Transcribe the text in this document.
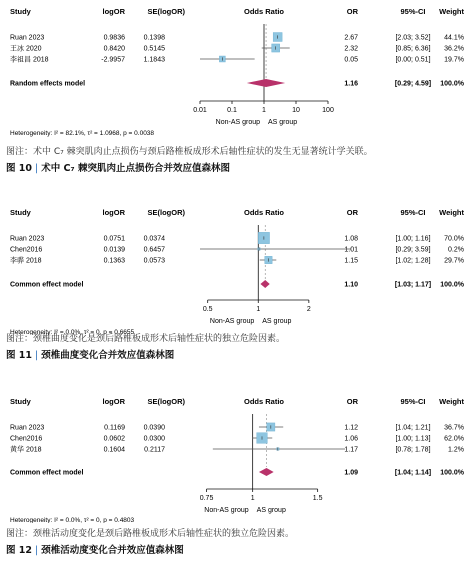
Study	logOR	SE(logOR)	Odds Ratio	OR	95%-CI Weight
Ruan 2023	0.9836	0.1398	2.67	[2.03; 3.52] 44.1%
王冰 2020	0.8420	0.5145	2.32	[0.85; 6.36] 36.2%
李祖昌 2018	-2.9957	1.1843	0.05	[0.00; 0.51] 19.7%
Random effects model	1.16	[0.29; 4.59] 100.0%
0.01	0.1	1	10	100
Non-AS group AS group
Heterogeneity: I² = 82.1%, τ² = 1.0968, p = 0.0038
图注：术中 C₇ 棘突肌肉止点损伤与颈后路椎板成形术后轴性症状的发生无显著统计学关联。
图 10 | 术中 C₇ 棘突肌肉止点损伤合并效应值森林图
Study	logOR	SE(logOR)	Odds Ratio	OR	95%-CI Weight
Ruan 2023	0.0751	0.0374	1.08	[1.00; 1.16] 70.0%
Chen2016	0.0139	0.6457	1.01	[0.29; 3.59]	0.2%
李骅 2018	0.1363	0.0573	1.15	[1.02; 1.28] 29.7%
Common effect model	1.10	[1.03; 1.17] 100.0%
0.5	1	2
Non-AS group AS group
Heterogeneity: I² = 0.0%, τ² = 0, p = 0.6655
图注：颈椎曲度变化是颈后路椎板成形术后轴性症状的独立危险因素。
图 11 | 颈椎曲度变化合并效应值森林图
Study	logOR	SE(logOR)	Odds Ratio	OR	95%-CI Weight
Ruan 2023	0.1169	0.0390	1.12	[1.04; 1.21] 36.7%
Chen2016	0.0602	0.0300	1.06	[1.00; 1.13] 62.0%
黄华 2018	0.1604	0.2117	1.17	[0.78; 1.78]	1.2%
Common effect model	1.09	[1.04; 1.14] 100.0%
0.75	1	1.5
Non-AS group AS group
Heterogeneity: I² = 0.0%, τ² = 0, p = 0.4803
图注：颈椎活动度变化是颈后路椎板成形术后轴性症状的独立危险因素。
图 12 | 颈椎活动度变化合并效应值森林图
